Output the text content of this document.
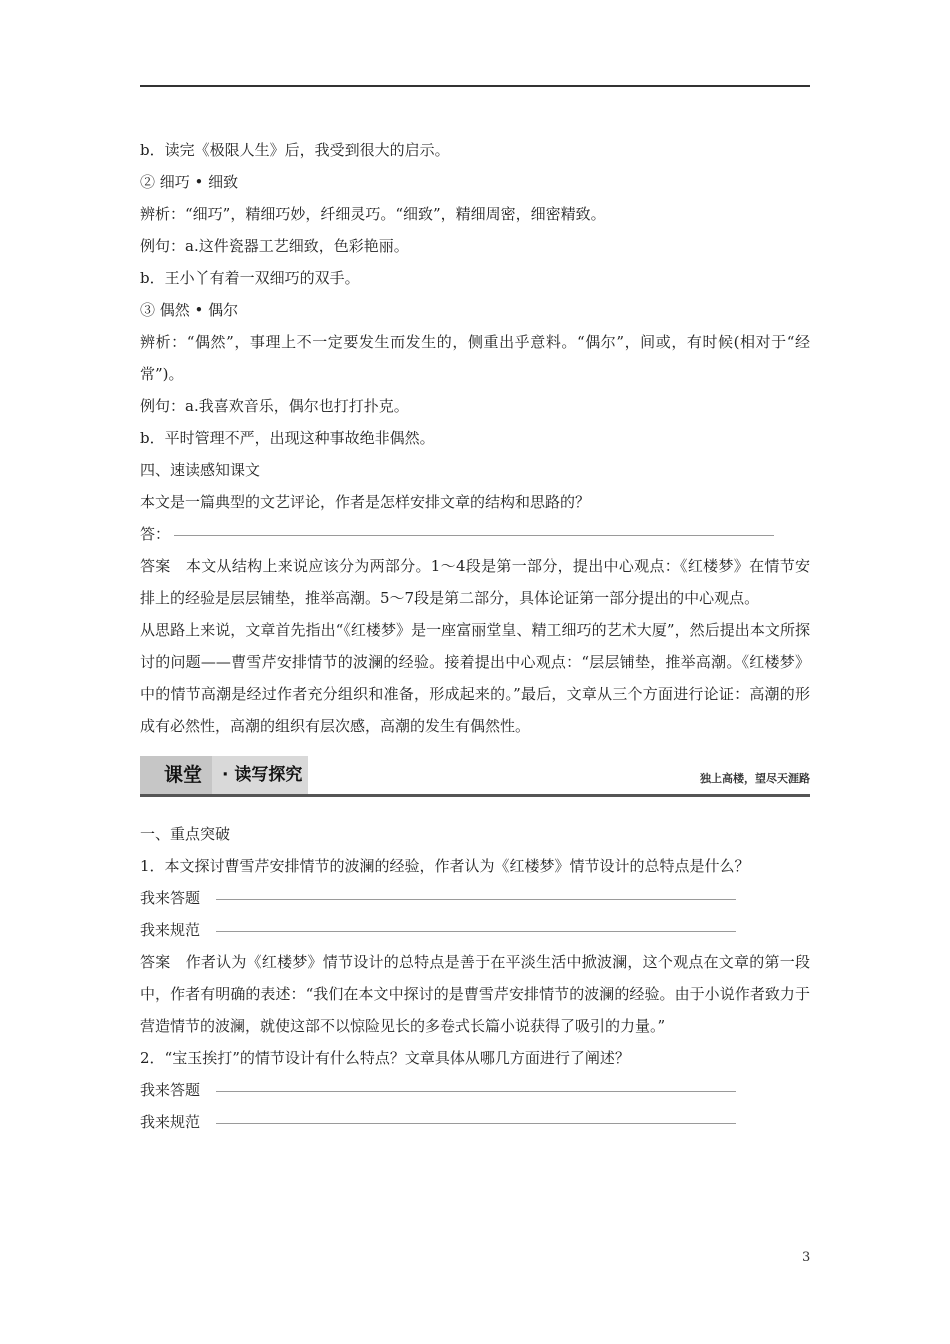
b．读完《极限人生》后，我受到很大的启示。
② 细巧 • 细致
辨析：“细巧”，精细巧妙，纤细灵巧。“细致”，精细周密，细密精致。
例句：a.这件瓷器工艺细致，色彩艳丽。
b．王小丫有着一双细巧的双手。
③ 偶然 • 偶尔
辨析：“偶然”，事理上不一定要发生而发生的，侧重出乎意料。“偶尔”，间或，有时候(相对于“经常”)。
例句：a.我喜欢音乐，偶尔也打打扑克。
b．平时管理不严，出现这种事故绝非偶然。
四、速读感知课文
本文是一篇典型的文艺评论，作者是怎样安排文章的结构和思路的？
答：
答案　本文从结构上来说应该分为两部分。1～4段是第一部分，提出中心观点：《红楼梦》在情节安排上的经验是层层铺垫，推举高潮。5～7段是第二部分，具体论证第一部分提出的中心观点。
从思路上来说，文章首先指出“《红楼梦》是一座富丽堂皇、精工细巧的艺术大厦”，然后提出本文所探讨的问题——曹雪芹安排情节的波澜的经验。接着提出中心观点：“层层铺垫，推举高潮。《红楼梦》中的情节高潮是经过作者充分组织和准备，形成起来的。”最后，文章从三个方面进行论证：高潮的形成有必然性，高潮的组织有层次感，高潮的发生有偶然性。
课堂 · 读写探究	独上高楼，望尽天涯路
一、重点突破
1．本文探讨曹雪芹安排情节的波澜的经验，作者认为《红楼梦》情节设计的总特点是什么？
我来答题
我来规范
答案　作者认为《红楼梦》情节设计的总特点是善于在平淡生活中掀波澜，这个观点在文章的第一段中，作者有明确的表述：“我们在本文中探讨的是曹雪芹安排情节的波澜的经验。由于小说作者致力于营造情节的波澜，就使这部不以惊险见长的多卷式长篇小说获得了吸引的力量。”
2．“宝玉挨打”的情节设计有什么特点？文章具体从哪几方面进行了阐述？
我来答题
我来规范
3
